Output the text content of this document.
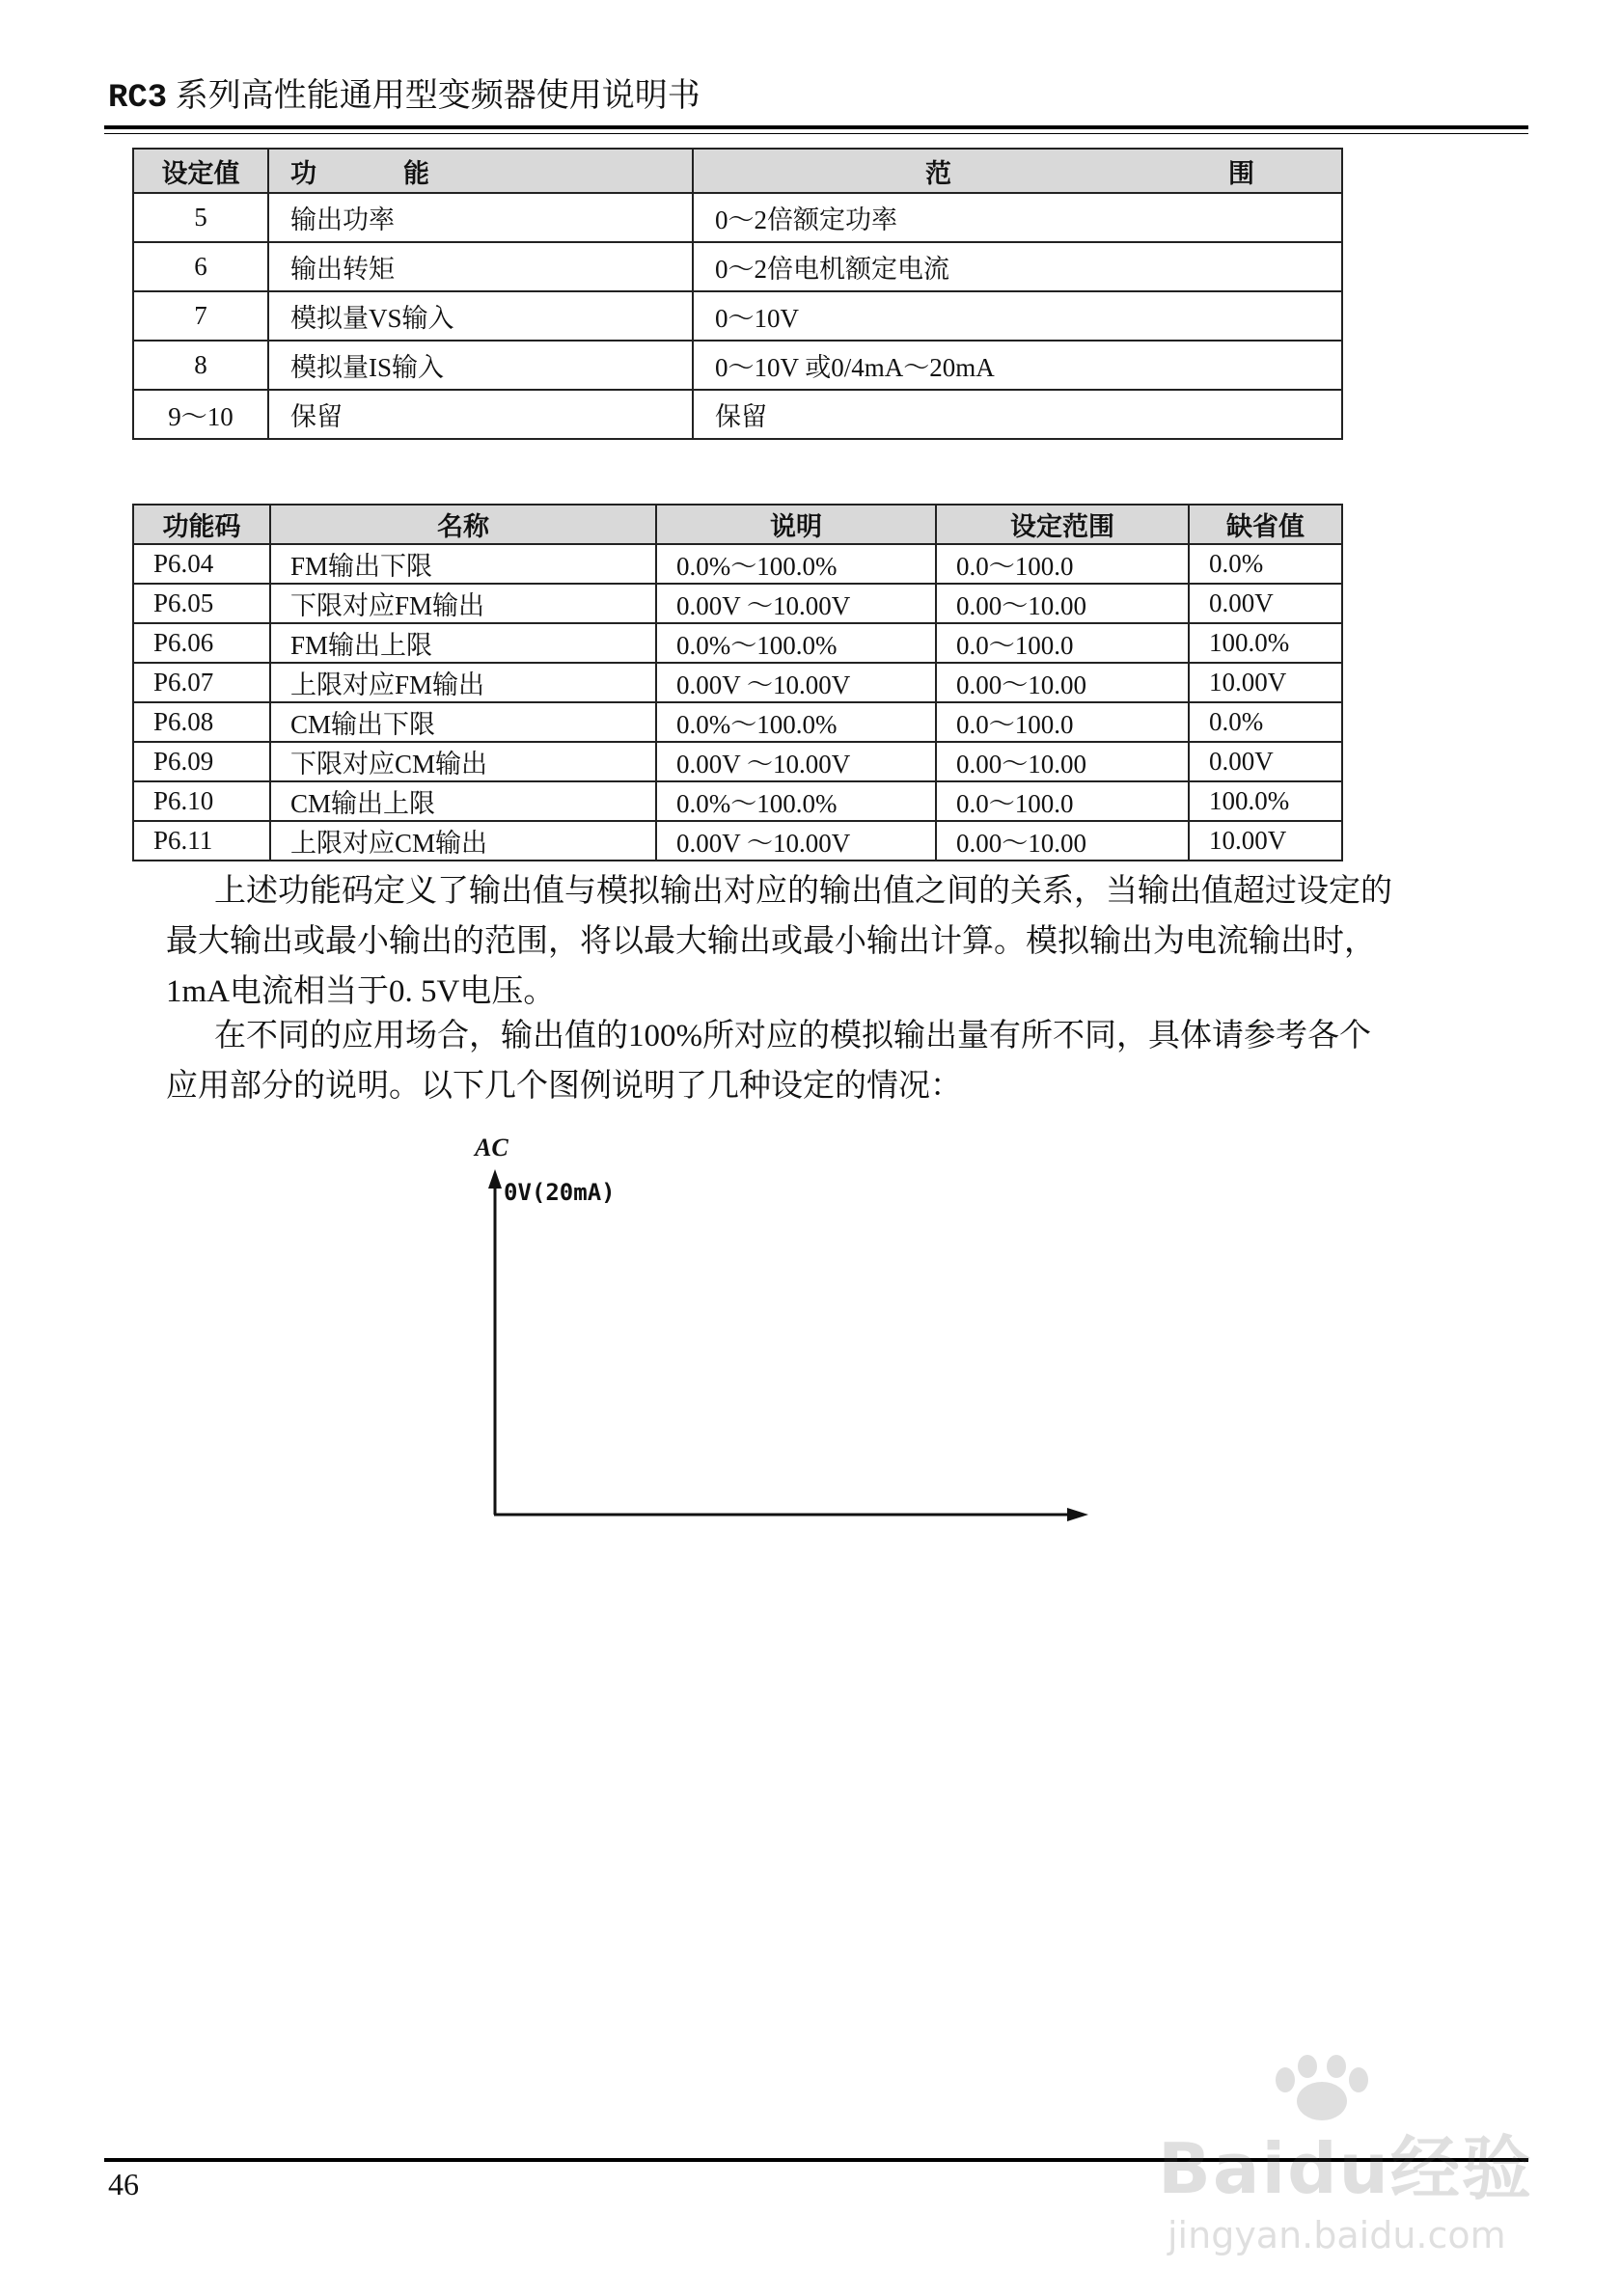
RC3 系列高性能通用型变频器使用说明书
设定值	功 能	范 围

5	输出功率	0～2倍额定功率
6	输出转矩	0～2倍电机额定电流
7	模拟量VS输入	0～10V
8	模拟量IS输入	0～10V 或0/4mA～20mA
9～10	保留	保留
功能码	名称	说明	设定范围	缺省值
P6.04	FM输出下限	0.0%～100.0%	0.0～100.0	0.0%
P6.05	下限对应FM输出	0.00V ～10.00V	0.00～10.00	0.00V
P6.06	FM输出上限	0.0%～100.0%	0.0～100.0	100.0%
P6.07	上限对应FM输出	0.00V ～10.00V	0.00～10.00	10.00V
P6.08	CM输出下限	0.0%～100.0%	0.0～100.0	0.0%
P6.09	下限对应CM输出	0.00V ～10.00V	0.00～10.00	0.00V
P6.10	CM输出上限	0.0%～100.0%	0.0～100.0	100.0%
P6.11	上限对应CM输出	0.00V ～10.00V	0.00～10.00	10.00V
上述功能码定义了输出值与模拟输出对应的输出值之间的关系，当输出值超过设定的
最大输出或最小输出的范围，将以最大输出或最小输出计算。模拟输出为电流输出时，
1mA电流相当于0. 5V电压。
在不同的应用场合，输出值的100%所对应的模拟输出量有所不同，具体请参考各个
应用部分的说明。以下几个图例说明了几种设定的情况：
AC
0V(20mA)
46	Baidu经验
jingyan.baidu.com
